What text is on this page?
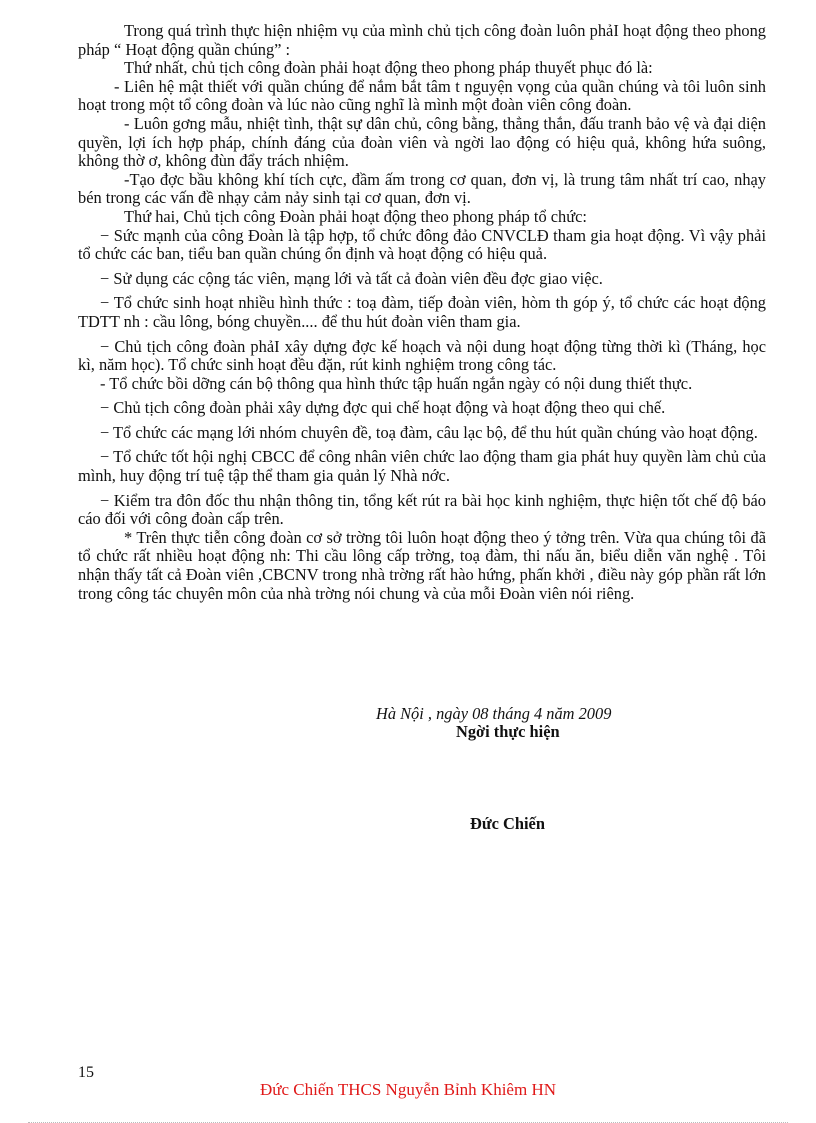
Trong quá trình thực hiện nhiệm vụ của mình chủ tịch công đoàn luôn phảI hoạt động theo phong pháp “ Hoạt động quần chúng” :

Thứ nhất, chủ tịch công đoàn phải hoạt động theo phong pháp thuyết phục đó là:

- Liên hệ mật thiết với quần chúng để nắm bắt tâm t nguyện vọng của quần chúng và tôi luôn sinh hoạt trong một tổ công đoàn và lúc nào cũng nghĩ là mình một đoàn viên công đoàn.

- Luôn gơng mẫu, nhiệt tình, thật sự dân chủ, công bằng, thẳng thắn, đấu tranh bảo vệ và đại diện quyền, lợi ích hợp pháp, chính đáng của đoàn viên và ngời lao động có hiệu quả, không hứa suông, không thờ ơ, không đùn đẩy trách nhiệm.

-Tạo đợc bầu không khí tích cực, đầm ấm trong cơ quan, đơn vị, là trung tâm nhất trí cao, nhạy bén trong các vấn đề nhạy cảm nảy sinh tại cơ quan, đơn vị.

Thứ hai, Chủ tịch công Đoàn phải hoạt động theo phong pháp tổ chức:

− Sức mạnh của công Đoàn là tập hợp, tổ chức đông đảo CNVCLĐ tham gia hoạt động. Vì vậy phải tổ chức các ban, tiểu ban quần chúng ổn định và hoạt động có hiệu quả.

− Sử dụng các cộng tác viên, mạng lới và tất cả đoàn viên đều đợc giao việc.

− Tổ chức sinh hoạt nhiều hình thức : toạ đàm, tiếp đoàn viên, hòm th góp ý, tổ chức các hoạt động TDTT nh : cầu lông, bóng chuyền.... để thu hút đoàn viên tham gia.

− Chủ tịch công đoàn phảI xây dựng đợc kế hoạch và nội dung hoạt động từng thời kì (Tháng, học kì, năm học). Tổ chức sinh hoạt đều đặn, rút kinh nghiệm trong công tác.

- Tổ chức bồi dỡng cán bộ thông qua hình thức tập huấn ngắn ngày có nội dung thiết thực.

− Chủ tịch công đoàn phải xây dựng đợc qui chế hoạt động và hoạt động theo qui chế.

− Tổ chức các mạng lới nhóm chuyên đề, toạ đàm, câu lạc bộ, để thu hút quần chúng vào hoạt động.

− Tổ chức tốt hội nghị CBCC để công nhân viên chức lao động tham gia phát huy quyền làm chủ của mình, huy động trí tuệ tập thể tham gia quản lý Nhà nớc.

− Kiểm tra đôn đốc thu nhận thông tin, tổng kết rút ra bài học kinh nghiệm, thực hiện tốt chế độ báo cáo đối với công đoàn cấp trên.

* Trên thực tiễn công đoàn cơ sở trờng tôi luôn hoạt động theo ý tởng trên. Vừa qua chúng tôi đã tổ chức rất nhiều hoạt động nh: Thi cầu lông cấp trờng, toạ đàm, thi nấu ăn, biểu diễn văn nghệ . Tôi nhận thấy tất cả Đoàn viên ,CBCNV trong nhà trờng rất hào hứng, phấn khởi , điều này góp phần rất lớn trong công tác chuyên môn của nhà trờng nói chung và của mỗi Đoàn viên nói riêng.

Hà Nội , ngày 08 tháng 4 năm 2009
Ngời thực hiện
Đức Chiến
15
Đức Chiến THCS Nguyễn Bỉnh Khiêm HN
